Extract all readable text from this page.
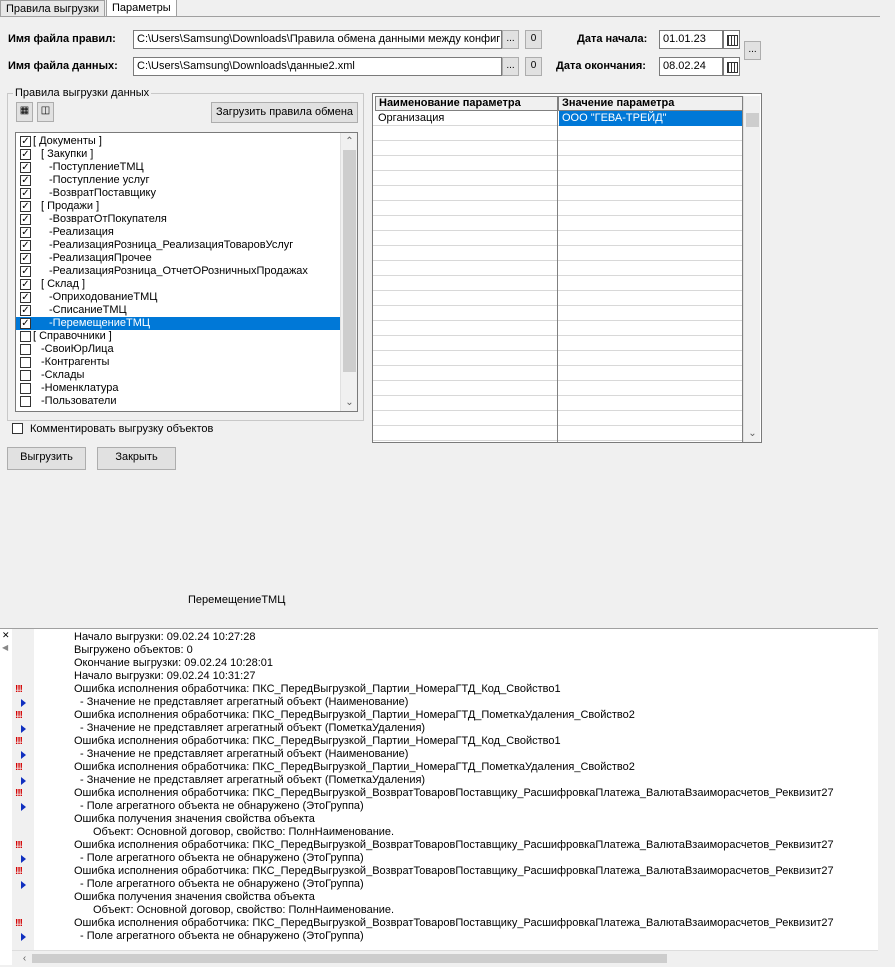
Правила выгрузки	Параметры
Имя файла правил:	C:\Users\Samsung\Downloads\Правила обмена данными между конфиг ...	0
Имя файла данных:	C:\Users\Samsung\Downloads\данные2.xml	...	0
Дата начала:	01.01.23
Дата окончания:	08.02.24
...
Правила выгрузки данных
▦	◫	Загрузить правила обмена
✓ [ Документы ]
✓ [ Закупки ]
✓ -ПоступлениеТМЦ
✓ -Поступление услуг
✓ -ВозвратПоставщику
✓ [ Продажи ]
✓ -ВозвратОтПокупателя
✓ -Реализация
✓ -РеализацияРозница_РеализацияТоваровУслуг
✓ -РеализацияПрочее
✓ -РеализацияРозница_ОтчетОРозничныхПродажах
✓ [ Склад ]
✓ -ОприходованиеТМЦ
✓ -СписаниеТМЦ
✓ -ПеремещениеТМЦ
[ Справочники ]
-СвоиЮрЛица
-Контрагенты
-Склады
-Номенклатура
-Пользователи
⌃
⌄
Комментировать выгрузку объектов
Наименование параметра	Значение параметра
Организация	ООО "ГЕВА-ТРЕЙД"
⌄
Выгрузить	Закрыть
ПеремещениеТМЦ
✕
◀
Начало выгрузки: 09.02.24 10:27:28
Выгружено объектов: 0
Окончание выгрузки: 09.02.24 10:28:01
Начало выгрузки: 09.02.24 10:31:27
!!!	Ошибка исполнения обработчика: ПКС_ПередВыгрузкой_Партии_НомераГТД_Код_Свойство1
- Значение не представляет агрегатный объект (Наименование)
!!!	Ошибка исполнения обработчика: ПКС_ПередВыгрузкой_Партии_НомераГТД_ПометкаУдаления_Свойство2
- Значение не представляет агрегатный объект (ПометкаУдаления)
!!!	Ошибка исполнения обработчика: ПКС_ПередВыгрузкой_Партии_НомераГТД_Код_Свойство1
- Значение не представляет агрегатный объект (Наименование)
!!!	Ошибка исполнения обработчика: ПКС_ПередВыгрузкой_Партии_НомераГТД_ПометкаУдаления_Свойство2
- Значение не представляет агрегатный объект (ПометкаУдаления)
!!!	Ошибка исполнения обработчика: ПКС_ПередВыгрузкой_ВозвратТоваровПоставщику_РасшифровкаПлатежа_ВалютаВзаиморасчетов_Реквизит27
- Поле агрегатного объекта не обнаружено (ЭтоГруппа)
Ошибка получения значения свойства объекта
Объект: Основной договор, свойство: ПолнНаименование.
!!!	Ошибка исполнения обработчика: ПКС_ПередВыгрузкой_ВозвратТоваровПоставщику_РасшифровкаПлатежа_ВалютаВзаиморасчетов_Реквизит27
- Поле агрегатного объекта не обнаружено (ЭтоГруппа)
!!!	Ошибка исполнения обработчика: ПКС_ПередВыгрузкой_ВозвратТоваровПоставщику_РасшифровкаПлатежа_ВалютаВзаиморасчетов_Реквизит27
- Поле агрегатного объекта не обнаружено (ЭтоГруппа)
Ошибка получения значения свойства объекта
Объект: Основной договор, свойство: ПолнНаименование.
!!!	Ошибка исполнения обработчика: ПКС_ПередВыгрузкой_ВозвратТоваровПоставщику_РасшифровкаПлатежа_ВалютаВзаиморасчетов_Реквизит27
- Поле агрегатного объекта не обнаружено (ЭтоГруппа)
‹
